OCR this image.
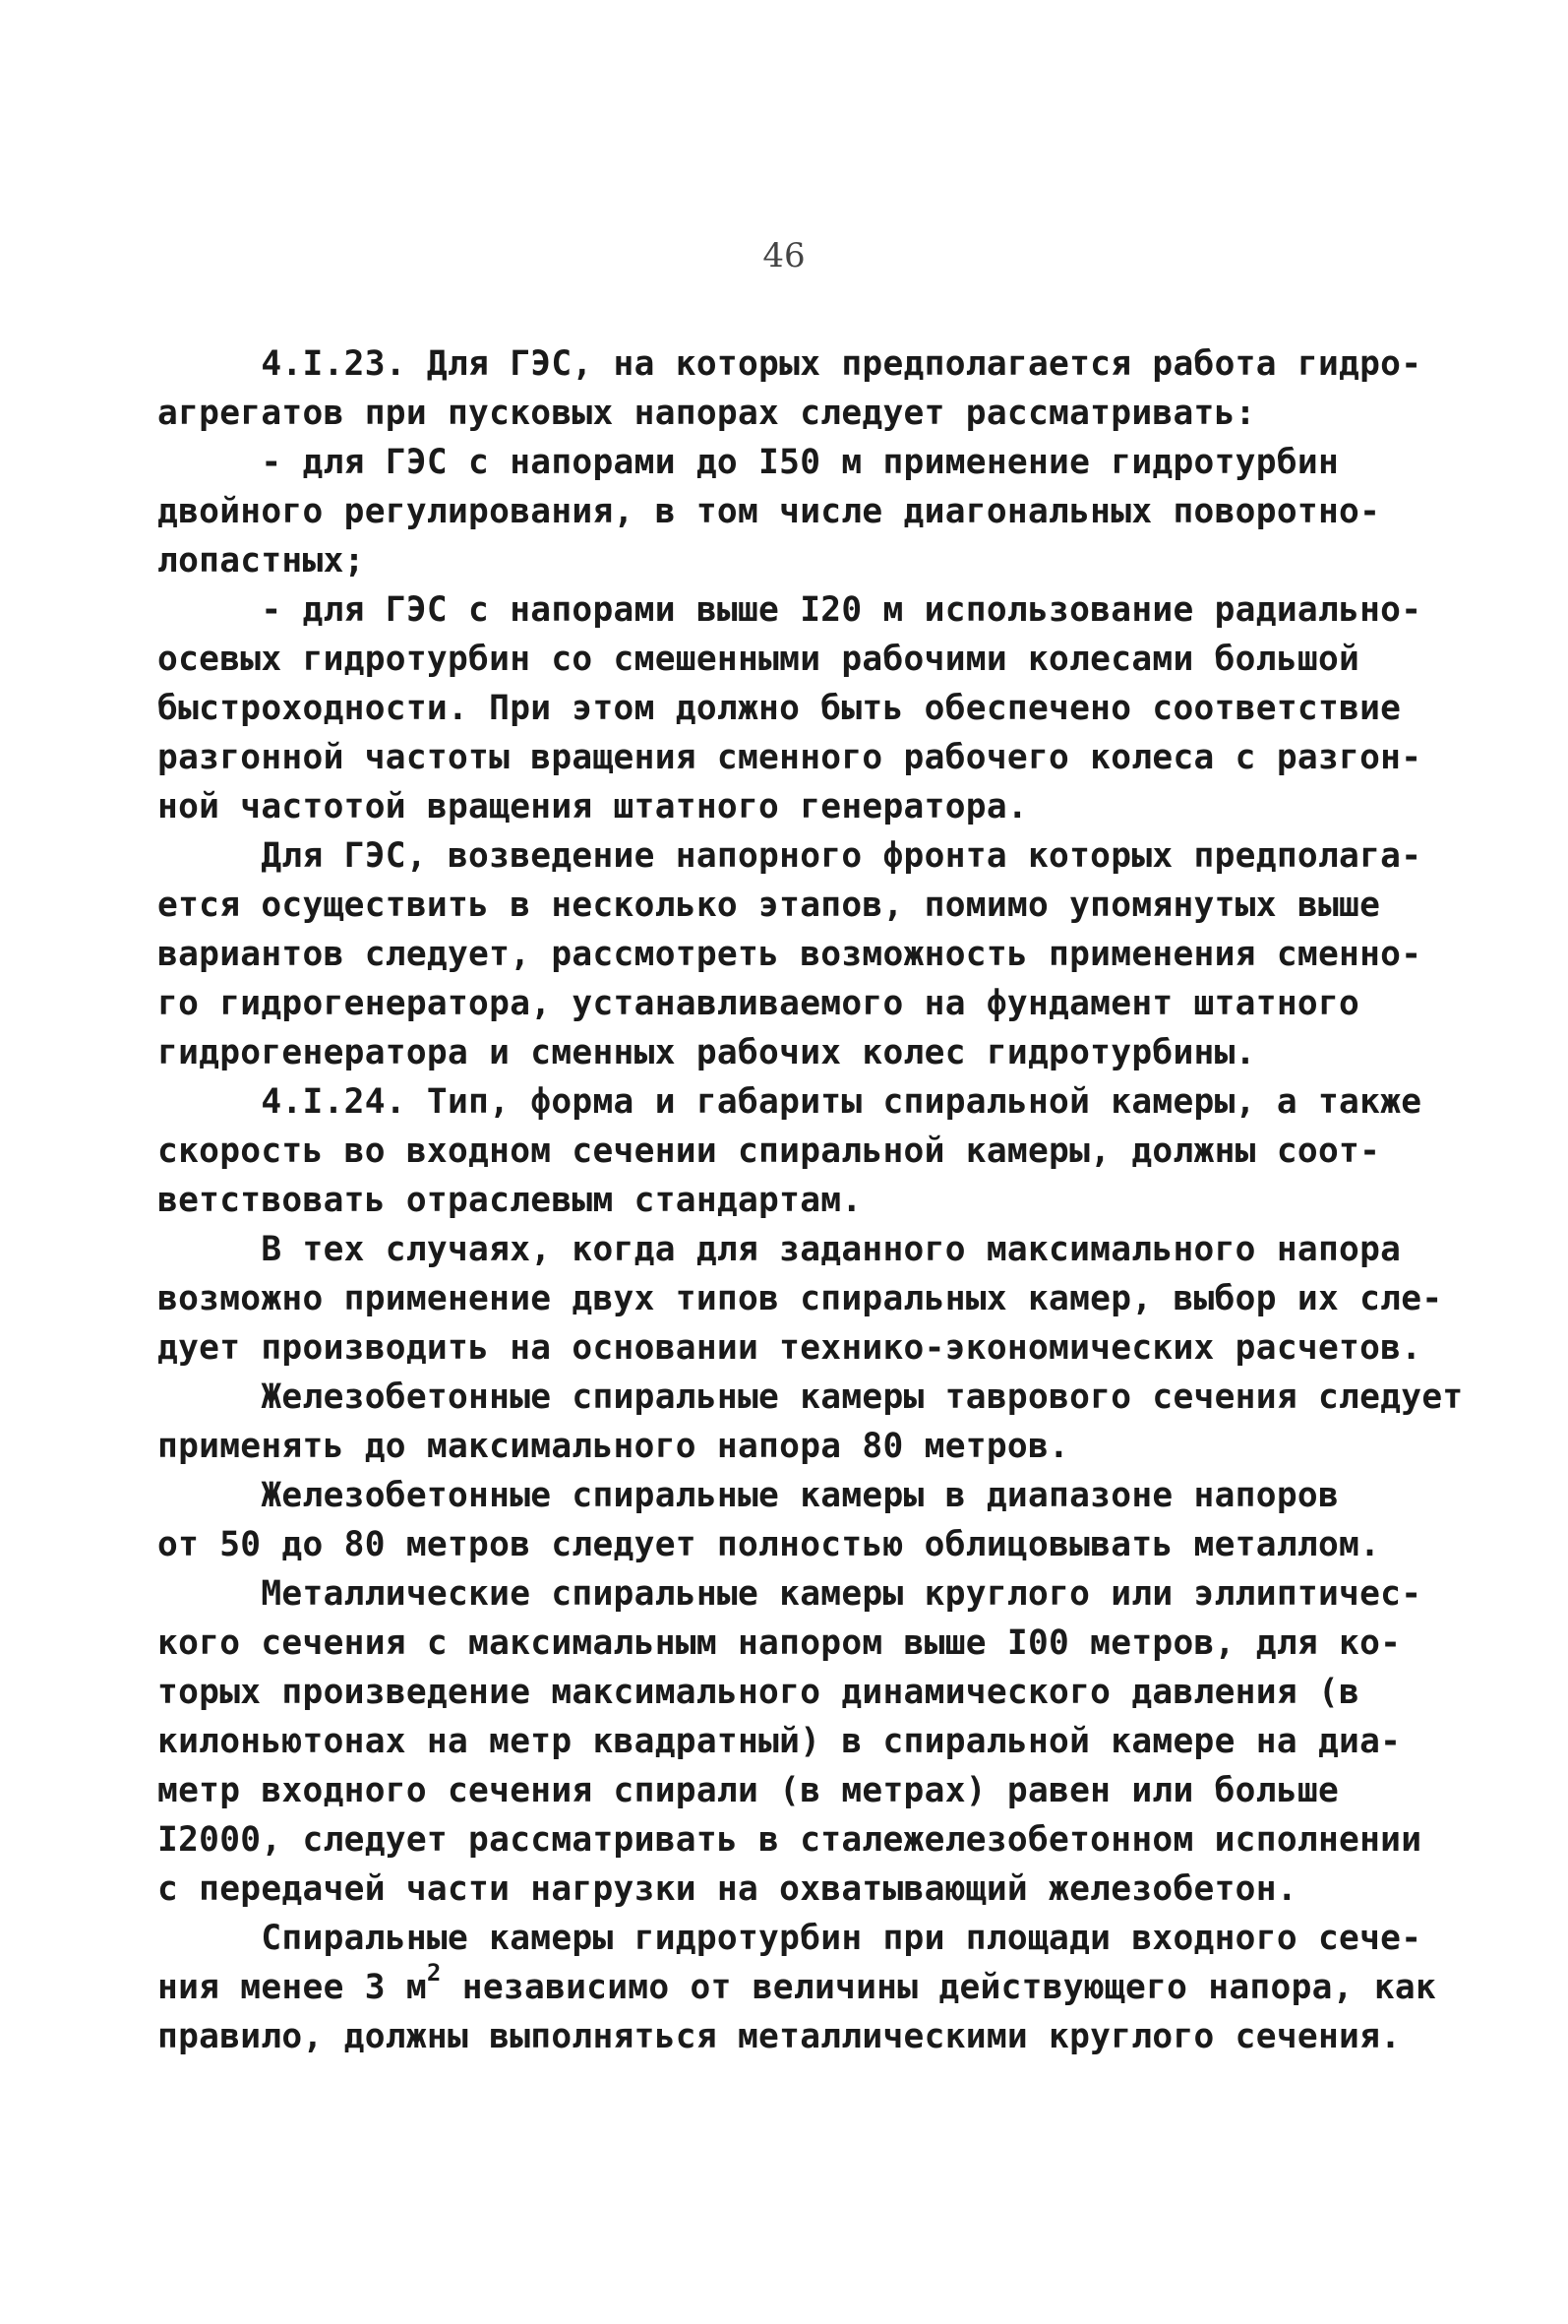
46
4.I.23. Для ГЭС, на которых предполагается работа гидро-
агрегатов при пусковых напорах следует рассматривать:
- для ГЭС с напорами до I50 м применение гидротурбин
двойного регулирования, в том числе диагональных поворотно-
лопастных;
- для ГЭС с напорами выше I20 м использование радиально-
осевых гидротурбин со смешенными рабочими колесами большой
быстроходности. При этом должно быть обеспечено соответствие
разгонной частоты вращения сменного рабочего колеса с разгон-
ной частотой вращения штатного генератора.
Для ГЭС, возведение напорного фронта которых предполага-
ется осуществить в несколько этапов, помимо упомянутых выше
вариантов следует, рассмотреть возможность применения сменно-
го гидрогенератора, устанавливаемого на фундамент штатного
гидрогенератора и сменных рабочих колес гидротурбины.
4.I.24. Тип, форма и габариты спиральной камеры, а также
скорость во входном сечении спиральной камеры, должны соот-
ветствовать отраслевым стандартам.
В тех случаях, когда для заданного максимального напора
возможно применение двух типов спиральных камер, выбор их сле-
дует производить на основании технико-экономических расчетов.
Железобетонные спиральные камеры таврового сечения следует
применять до максимального напора 80 метров.
Железобетонные спиральные камеры в диапазоне напоров
от 50 до 80 метров следует полностью облицовывать металлом.
Металлические спиральные камеры круглого или эллиптичес-
кого сечения с максимальным напором выше I00 метров, для ко-
торых произведение максимального динамического давления (в
килоньютонах на метр квадратный) в спиральной камере на диа-
метр входного сечения спирали (в метрах) равен или больше
I2000, следует рассматривать в сталежелезобетонном исполнении
с передачей части нагрузки на охватывающий железобетон.
Спиральные камеры гидротурбин при площади входного сече-
ния менее 3 $м^2$ независимо от величины действующего напора, как
правило, должны выполняться металлическими круглого сечения.
